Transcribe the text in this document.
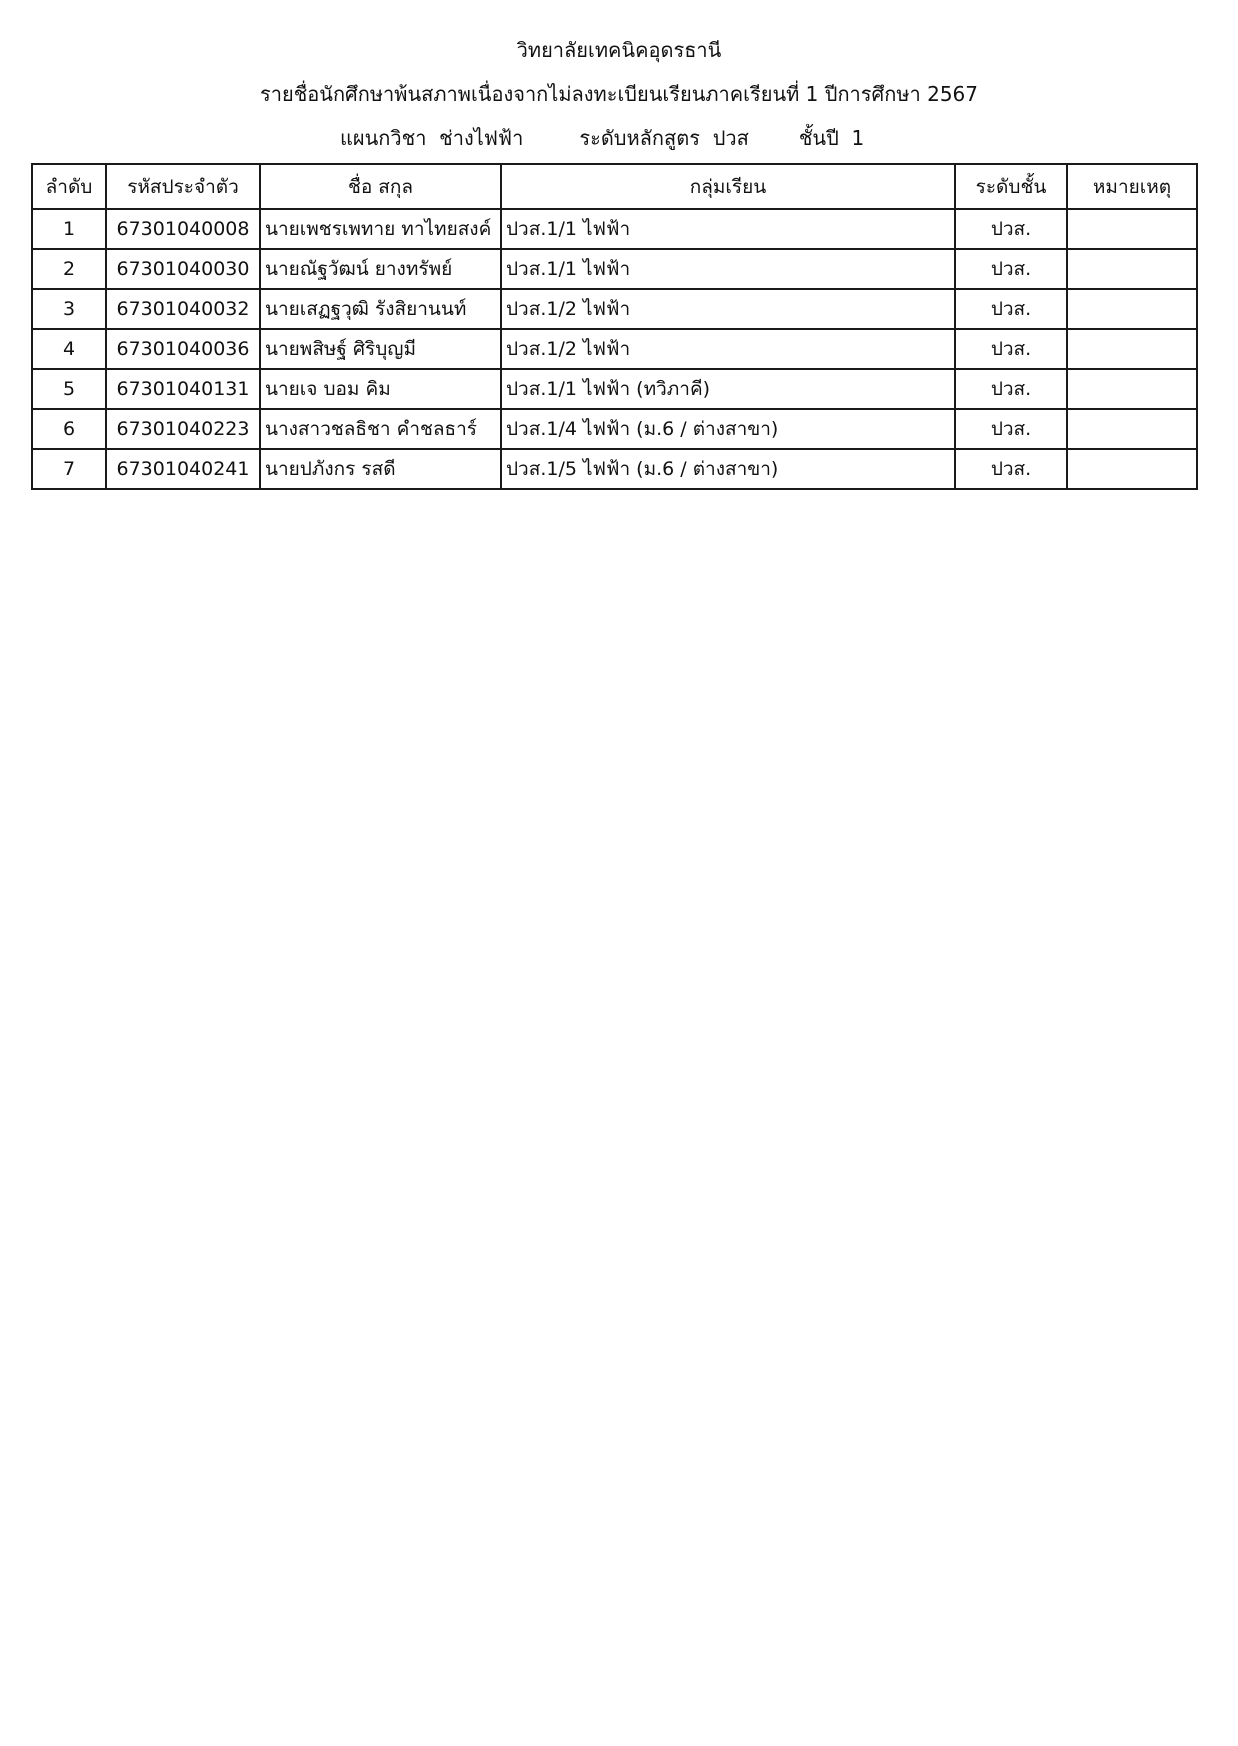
วิทยาลัยเทคนิคอุดรธานี
รายชื่อนักศึกษาพ้นสภาพเนื่องจากไม่ลงทะเบียนเรียนภาคเรียนที่ 1 ปีการศึกษา 2567
แผนกวิชา  ช่างไฟฟ้า	ระดับหลักสูตร  ปวส	ชั้นปี  1
ลำดับ	รหัสประจำตัว	ชื่อ สกุล	กลุ่มเรียน	ระดับชั้น	หมายเหตุ
1	67301040008	นายเพชรเพทาย ทาไทยสงค์	ปวส.1/1 ไฟฟ้า	ปวส.	
2	67301040030	นายณัฐวัฒน์ ยางทรัพย์	ปวส.1/1 ไฟฟ้า	ปวส.	
3	67301040032	นายเสฏฐวุฒิ รังสิยานนท์	ปวส.1/2 ไฟฟ้า	ปวส.	
4	67301040036	นายพสิษฐ์ ศิริบุญมี	ปวส.1/2 ไฟฟ้า	ปวส.	
5	67301040131	นายเจ บอม คิม	ปวส.1/1 ไฟฟ้า (ทวิภาคี)	ปวส.	
6	67301040223	นางสาวชลธิชา คำชลธาร์	ปวส.1/4 ไฟฟ้า (ม.6 / ต่างสาขา)	ปวส.	
7	67301040241	นายปภังกร รสดี	ปวส.1/5 ไฟฟ้า (ม.6 / ต่างสาขา)	ปวส.	
